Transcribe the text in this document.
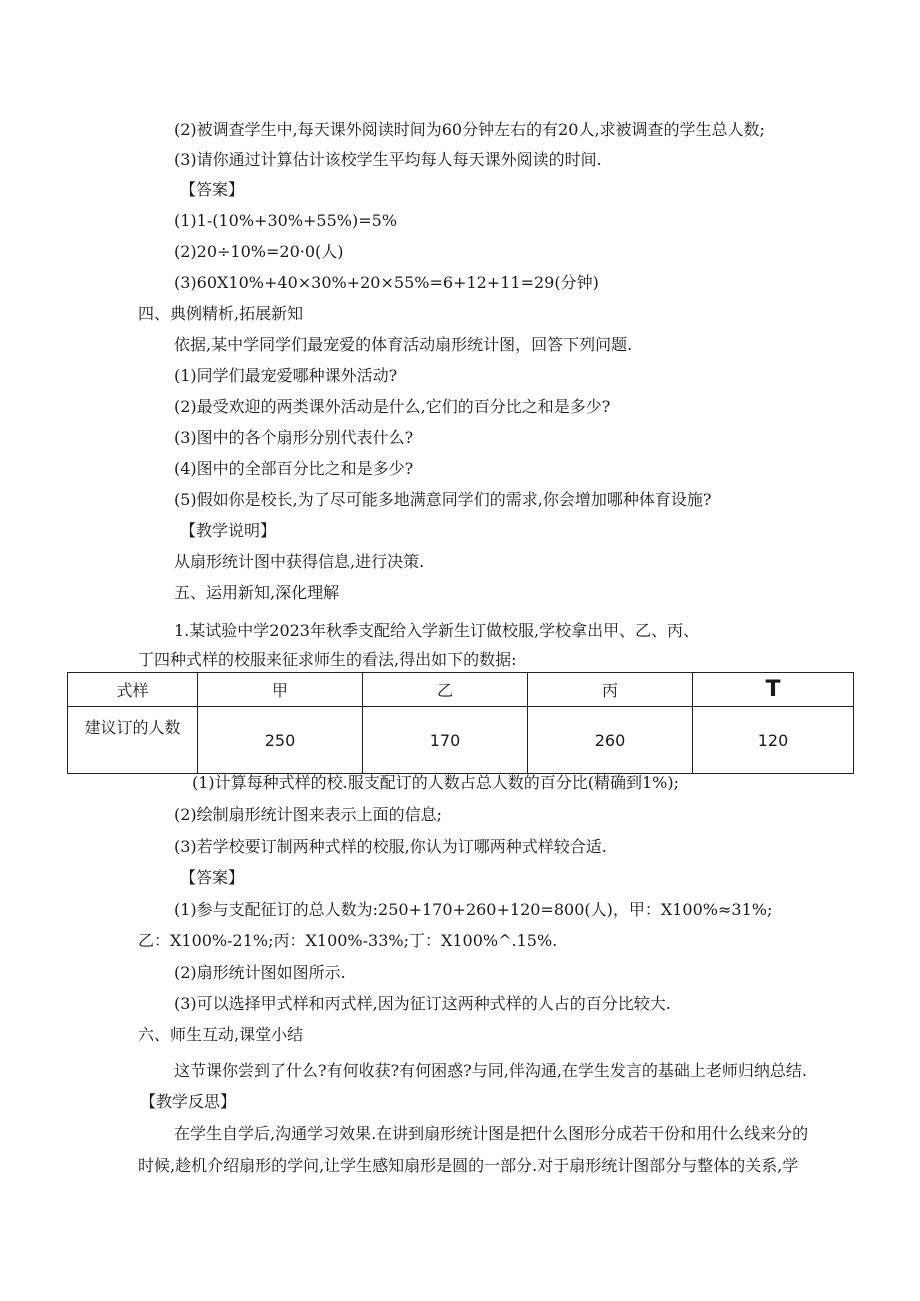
(2)被调查学生中,每天课外阅读时间为60分钟左右的有20人,求被调查的学生总人数;
(3)请你通过计算估计该校学生平均每人每天课外阅读的时间.
【答案】
(1)1-(10%+30%+55%)=5%
(2)20÷10%=20·0(人)
(3)60X10%+40×30%+20×55%=6+12+11=29(分钟)
四、典例精析,拓展新知
依据,某中学同学们最宠爱的体育活动扇形统计图，回答下列问题.
(1)同学们最宠爱哪种课外活动?
(2)最受欢迎的两类课外活动是什么,它们的百分比之和是多少?
(3)图中的各个扇形分别代表什么?
(4)图中的全部百分比之和是多少?
(5)假如你是校长,为了尽可能多地满意同学们的需求,你会增加哪种体育设施?
【教学说明】
从扇形统计图中获得信息,进行决策.
五、运用新知,深化理解
1.某试验中学2023年秋季支配给入学新生订做校服,学校拿出甲、乙、丙、
丁四种式样的校服来征求师生的看法,得出如下的数据:
式样	甲	乙	丙	T
建议订的人数	250	170	260	120
(1)计算每种式样的校.服支配订的人数占总人数的百分比(精确到1%);
(2)绘制扇形统计图来表示上面的信息;
(3)若学校要订制两种式样的校服,你认为订哪两种式样较合适.
【答案】
(1)参与支配征订的总人数为:250+170+260+120=800(人)，甲：X100%≈31%;
乙：X100%-21%;丙：X100%-33%;丁：X100%^.15%.
(2)扇形统计图如图所示.
(3)可以选择甲式样和丙式样,因为征订这两种式样的人占的百分比较大.
六、师生互动,课堂小结
这节课你尝到了什么?有何收获?有何困惑?与同,伴沟通,在学生发言的基础上老师归纳总结.
【教学反思】
在学生自学后,沟通学习效果.在讲到扇形统计图是把什么图形分成若干份和用什么线来分的
时候,趁机介绍扇形的学问,让学生感知扇形是圆的一部分.对于扇形统计图部分与整体的关系,学
